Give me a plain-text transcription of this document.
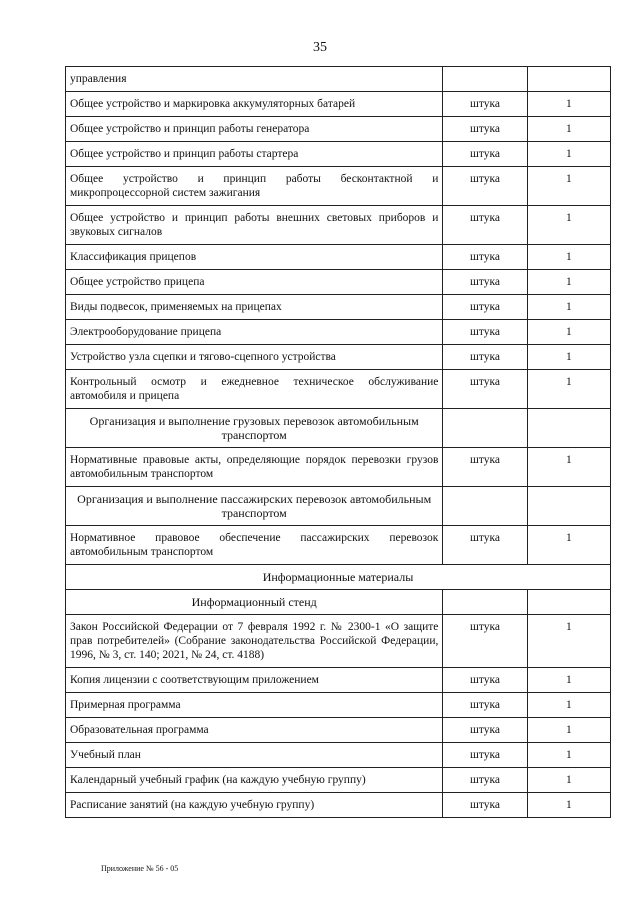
35
управления		
Общее устройство и маркировка аккумуляторных батарей	штука	1
Общее устройство и принцип работы генератора	штука	1
Общее устройство и принцип работы стартера	штука	1
Общее устройство и принцип работы бесконтактной и микропроцессорной систем зажигания	штука	1
Общее устройство и принцип работы внешних световых приборов и звуковых сигналов	штука	1
Классификация прицепов	штука	1
Общее устройство прицепа	штука	1
Виды подвесок, применяемых на прицепах	штука	1
Электрооборудование прицепа	штука	1
Устройство узла сцепки и тягово-сцепного устройства	штука	1
Контрольный осмотр и ежедневное техническое обслуживание автомобиля и прицепа	штука	1
Организация и выполнение грузовых перевозок автомобильным транспортом		
Нормативные правовые акты, определяющие порядок перевозки грузов автомобильным транспортом	штука	1
Организация и выполнение пассажирских перевозок автомобильным транспортом		
Нормативное правовое обеспечение пассажирских перевозок автомобильным транспортом	штука	1
Информационные материалы		
Информационный стенд		
Закон Российской Федерации от 7 февраля 1992 г. № 2300-1 «О защите прав потребителей» (Собрание законодательства Российской Федерации, 1996, № 3, ст. 140; 2021, № 24, ст. 4188)	штука	1
Копия лицензии с соответствующим приложением	штука	1
Примерная программа	штука	1
Образовательная программа	штука	1
Учебный план	штука	1
Календарный учебный график (на каждую учебную группу)	штука	1
Расписание занятий (на каждую учебную группу)	штука	1
Приложение № 56 - 05
